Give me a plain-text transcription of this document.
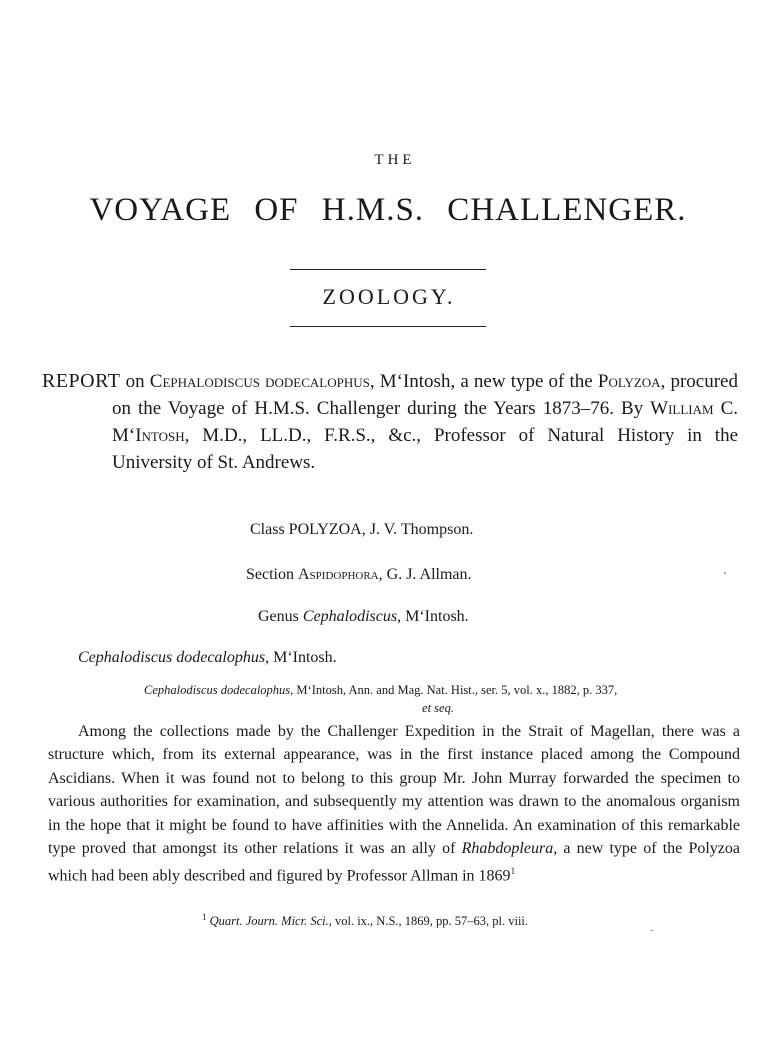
THE
VOYAGE OF H.M.S. CHALLENGER.
ZOOLOGY.
REPORT on Cephalodiscus dodecalophus, M‘Intosh, a new type of the Polyzoa, procured on the Voyage of H.M.S. Challenger during the Years 1873–76. By William C. M‘Intosh, M.D., LL.D., F.R.S., &c., Professor of Natural History in the University of St. Andrews.
Class POLYZOA, J. V. Thompson.
Section Aspidophora, G. J. Allman.
Genus Cephalodiscus, M‘Intosh.
Cephalodiscus dodecalophus, M‘Intosh.
Cephalodiscus dodecalophus, M‘Intosh, Ann. and Mag. Nat. Hist., ser. 5, vol. x., 1882, p. 337,
et seq.
Among the collections made by the Challenger Expedition in the Strait of Magellan, there was a structure which, from its external appearance, was in the first instance placed among the Compound Ascidians. When it was found not to belong to this group Mr. John Murray forwarded the specimen to various authorities for examination, and subsequently my attention was drawn to the anomalous organism in the hope that it might be found to have affinities with the Annelida. An examination of this remarkable type proved that amongst its other relations it was an ally of Rhabdopleura, a new type of the Polyzoa which had been ably described and figured by Professor Allman in 1869$^1$
$^1$ Quart. Journ. Micr. Sci., vol. ix., N.S., 1869, pp. 57–63, pl. viii.
